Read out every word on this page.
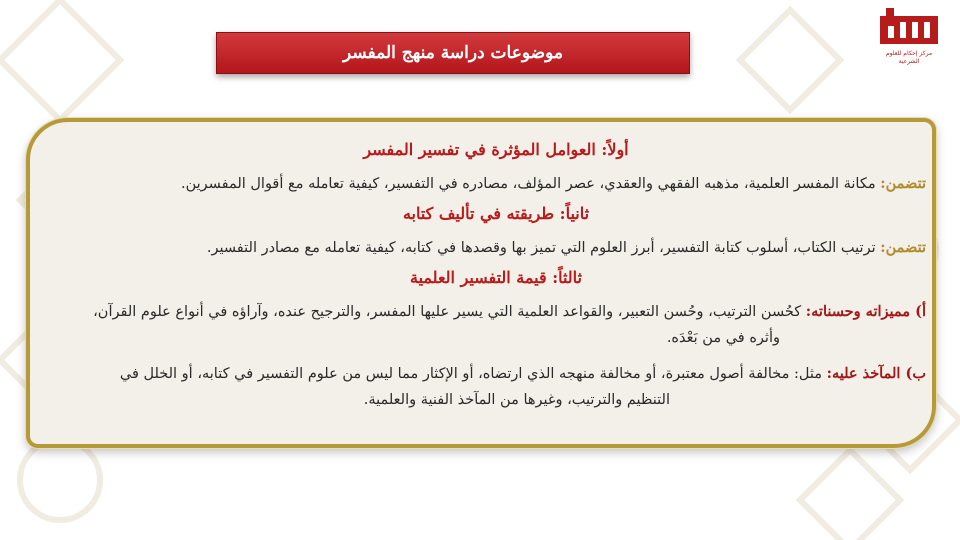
مركز إحكام للعلوم الشرعية
موضوعات دراسة منهج المفسر
أولاً: العوامل المؤثرة في تفسير المفسر
تتضمن: مكانة المفسر العلمية، مذهبه الفقهي والعقدي، عصر المؤلف، مصادره في التفسير، كيفية تعامله مع أقوال المفسرين.
ثانياً: طريقته في تأليف كتابه
تتضمن: ترتيب الكتاب، أسلوب كتابة التفسير، أبرز العلوم التي تميز بها وقصدها في كتابه، كيفية تعامله مع مصادر التفسير.
ثالثاً: قيمة التفسير العلمية
أ) مميزاته وحسناته: كحُسن الترتيب، وحُسن التعبير، والقواعد العلمية التي يسير عليها المفسر، والترجيح عنده، وآراؤه في أنواع علوم القرآن،
وأثره في من بَعْدَه.
ب) المآخذ عليه: مثل: مخالفة أصول معتبرة، أو مخالفة منهجه الذي ارتضاه، أو الإكثار مما ليس من علوم التفسير في كتابه، أو الخلل في
التنظيم والترتيب، وغيرها من المآخذ الفنية والعلمية.
